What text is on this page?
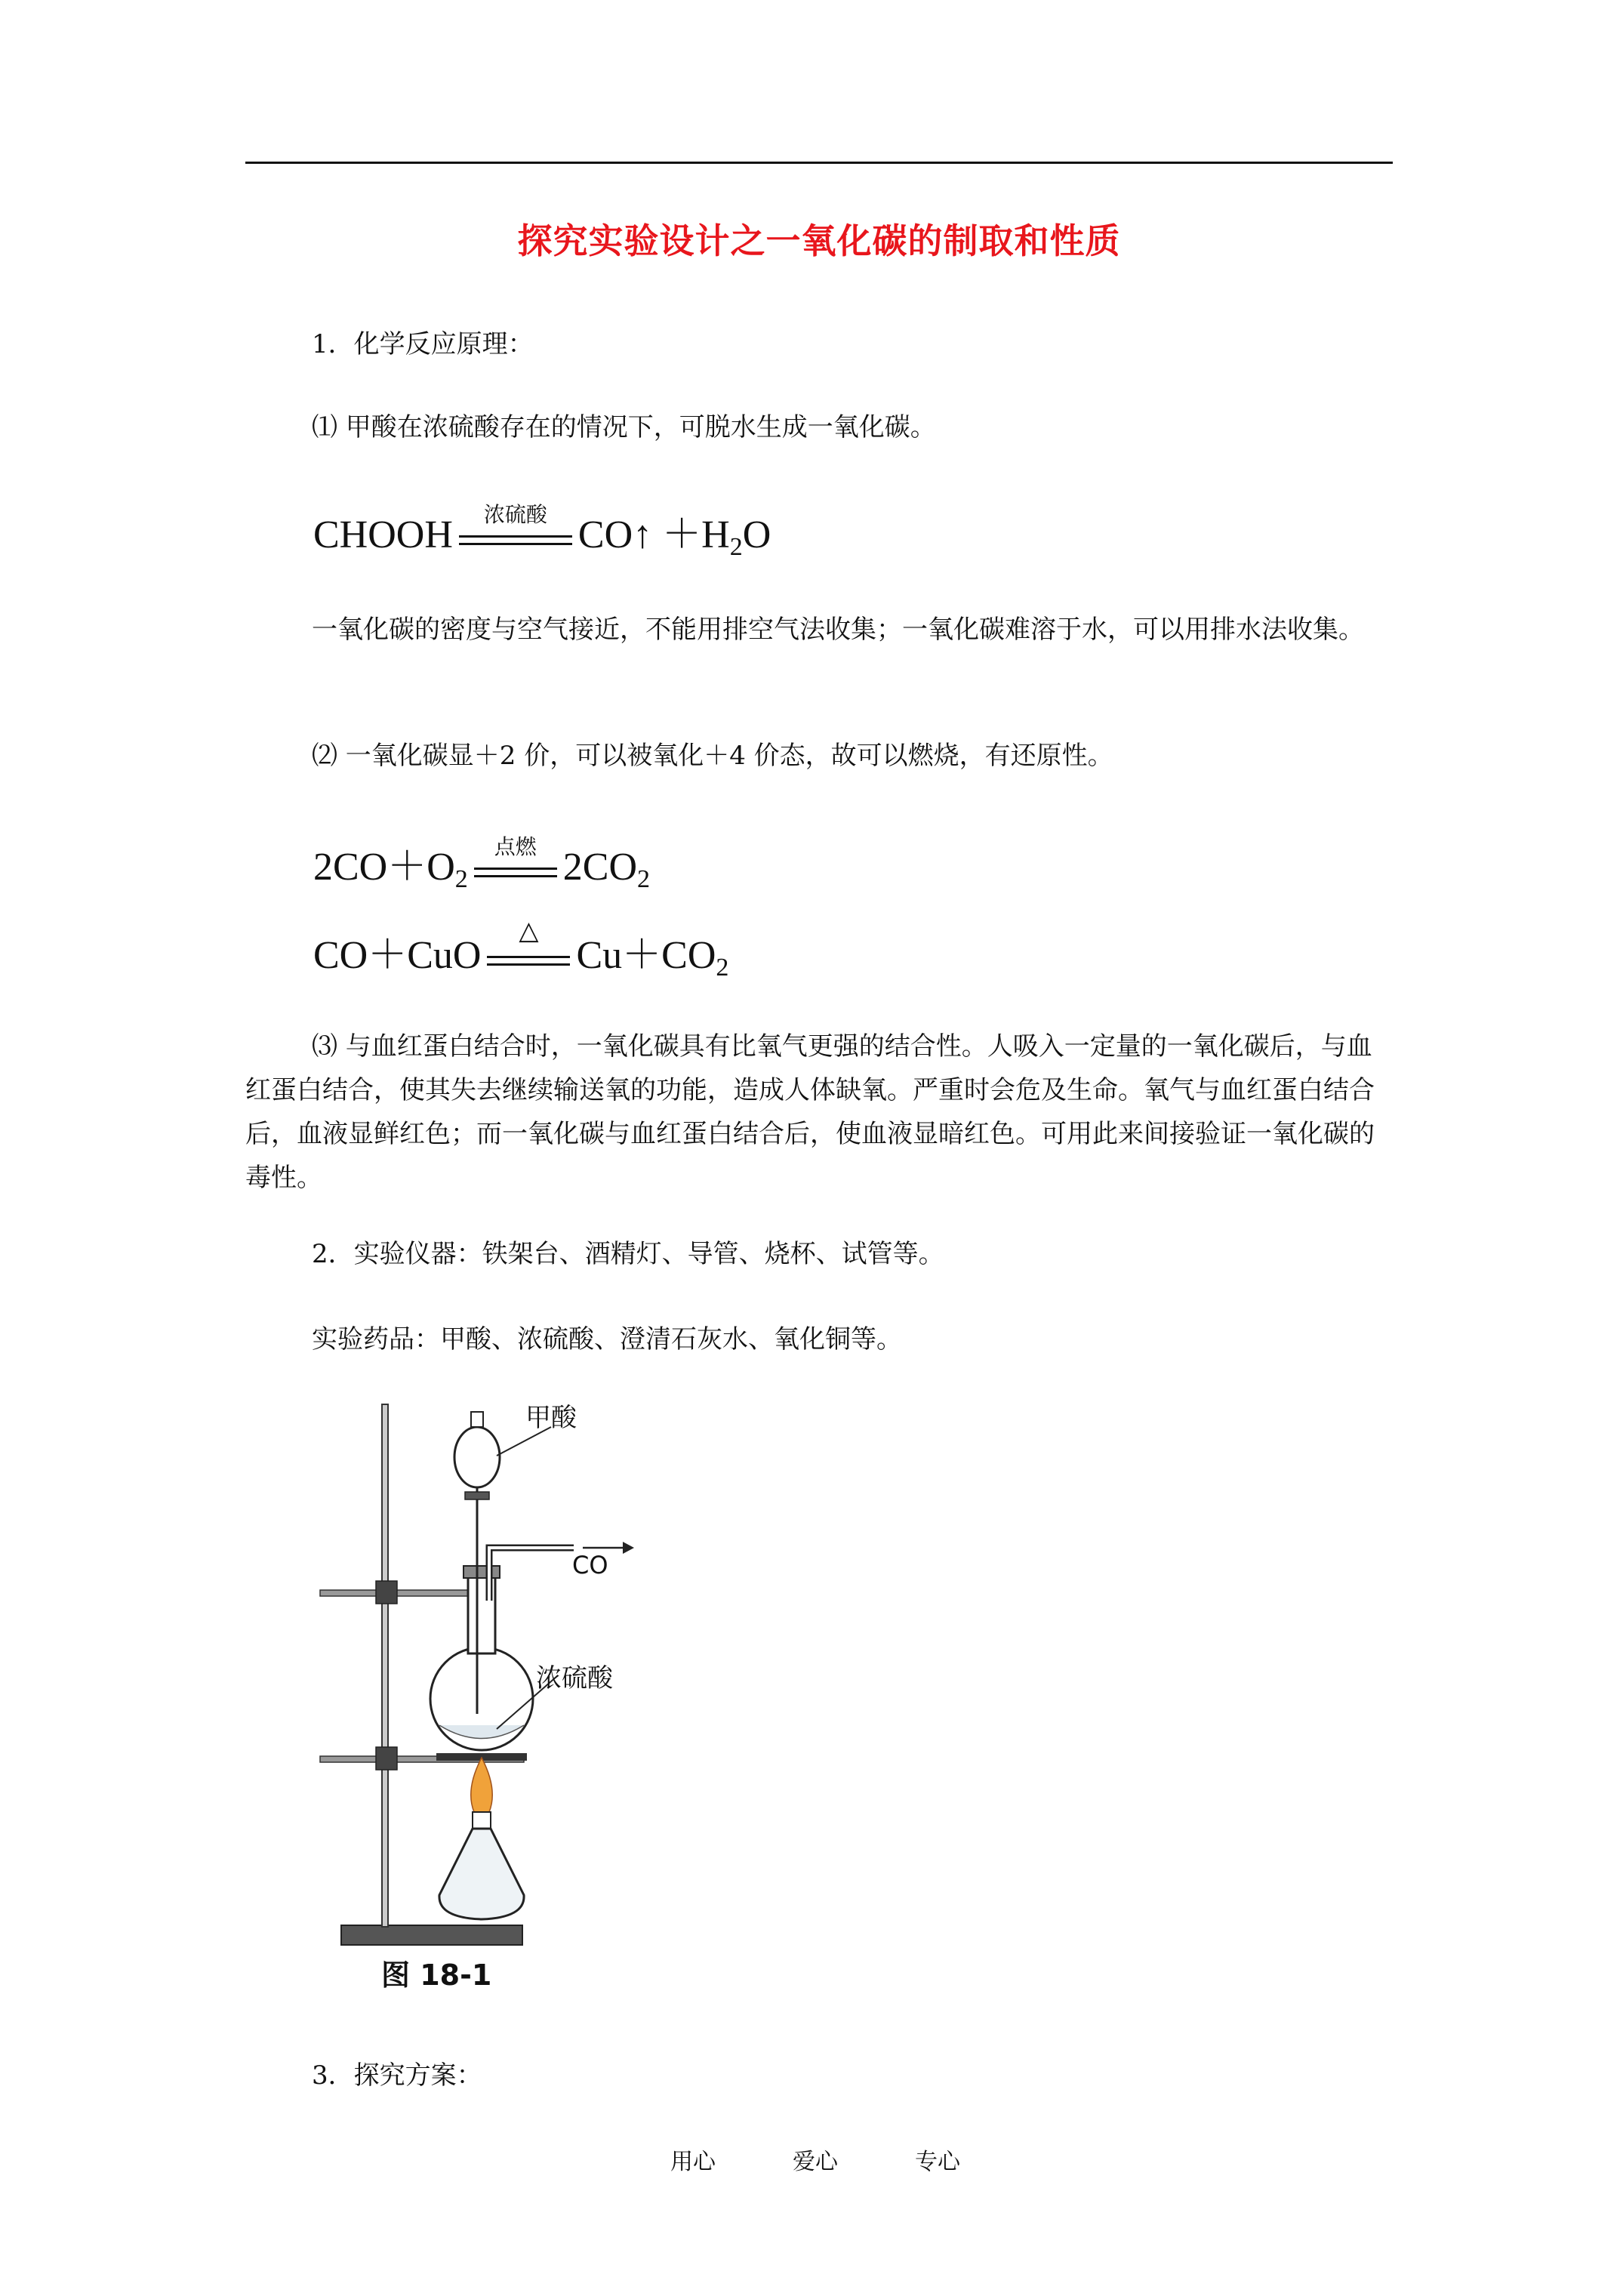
探究实验设计之一氧化碳的制取和性质
1．化学反应原理：
⑴ 甲酸在浓硫酸存在的情况下，可脱水生成一氧化碳。
CHOOH	浓硫酸 CO↑ $+H_2O$
一氧化碳的密度与空气接近，不能用排空气法收集；一氧化碳难溶于水，可以用排水法收集。
⑵ 一氧化碳显＋2 价，可以被氧化＋4 价态，故可以燃烧，有还原性。
$2CO+O_2$
点燃 $2CO_2$
CO＋CuO
△
$Cu+CO_2$
⑶ 与血红蛋白结合时，一氧化碳具有比氧气更强的结合性。人吸入一定量的一氧化碳后，与血红蛋白结合，使其失去继续输送氧的功能，造成人体缺氧。严重时会危及生命。氧气与血红蛋白结合后，血液显鲜红色；而一氧化碳与血红蛋白结合后，使血液显暗红色。可用此来间接验证一氧化碳的毒性。
2．实验仪器：铁架台、酒精灯、导管、烧杯、试管等。
实验药品：甲酸、浓硫酸、澄清石灰水、氧化铜等。
甲酸
CO
浓硫酸
图 18-1
3．探究方案：
用心	爱心	专心
